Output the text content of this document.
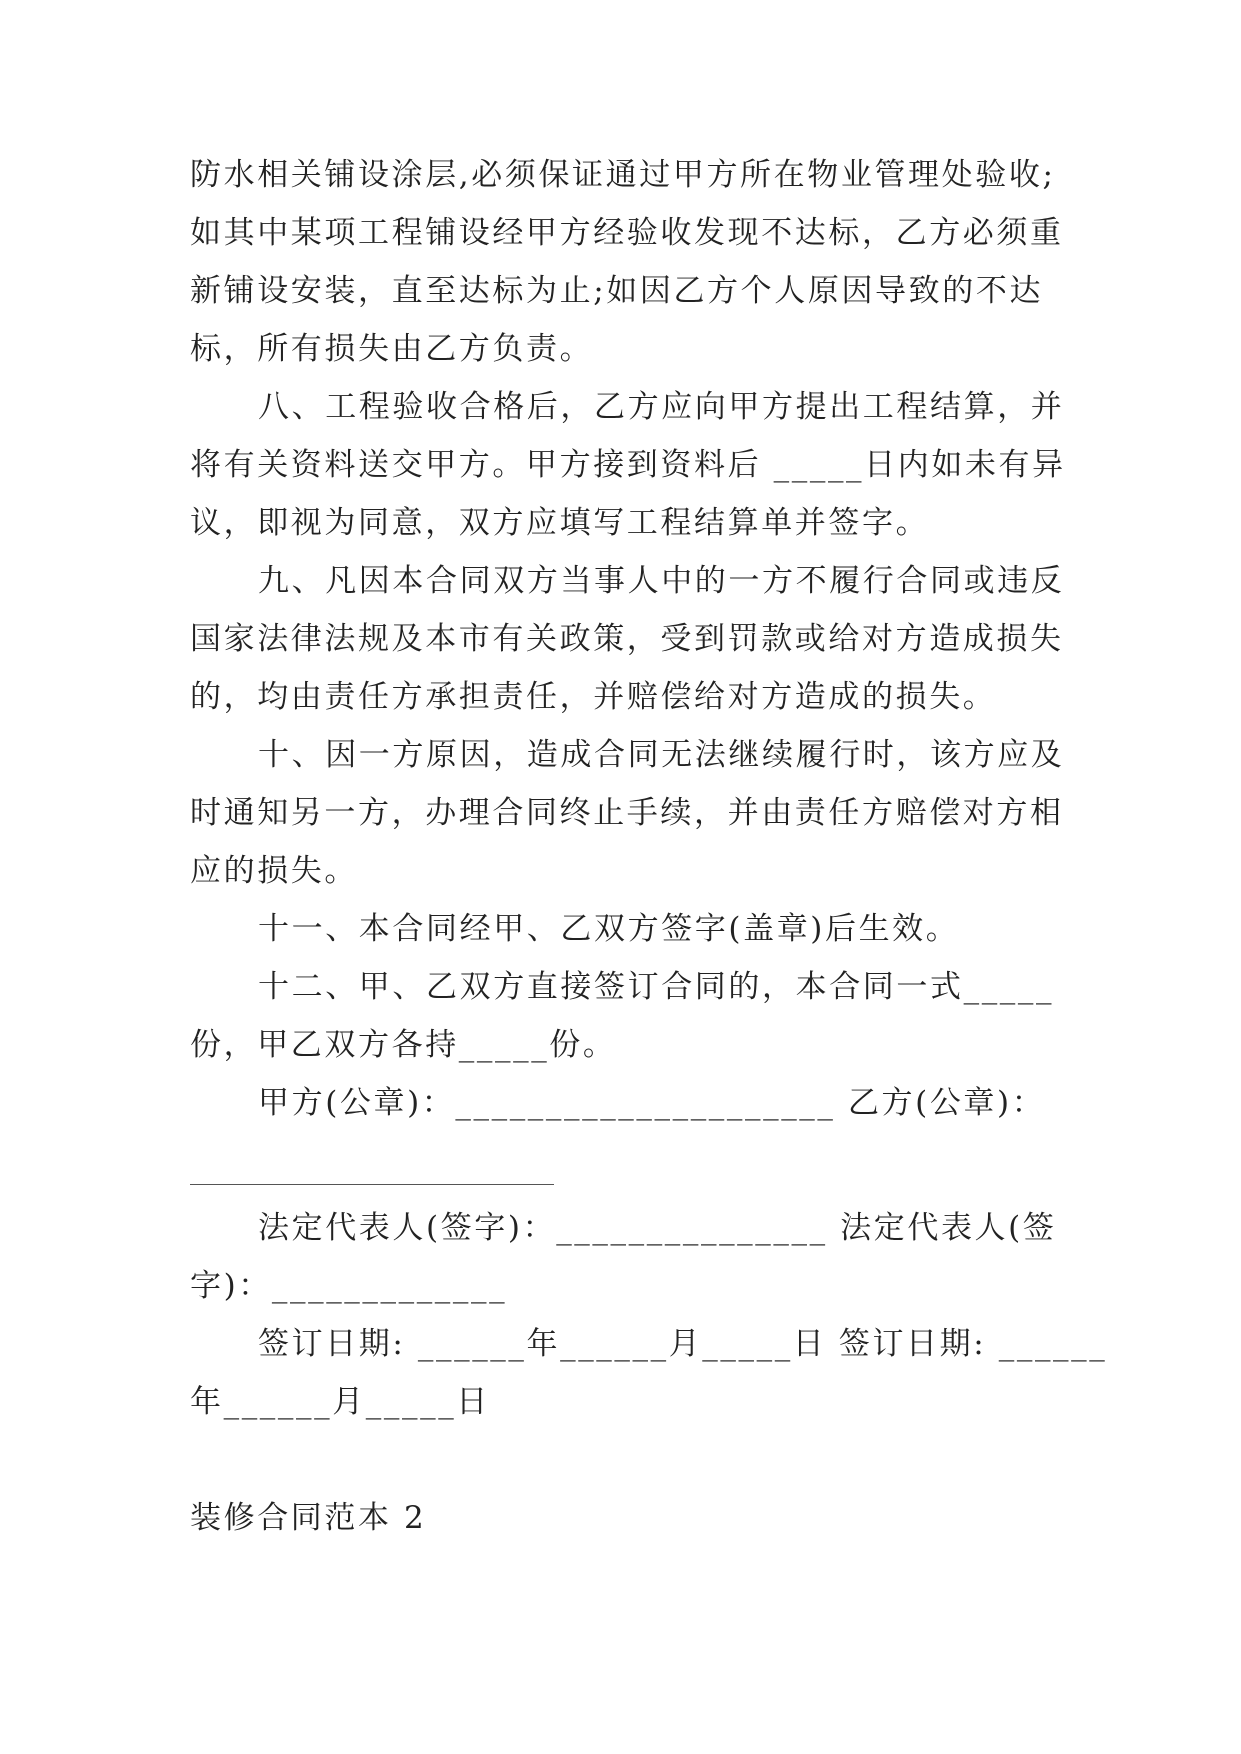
防水相关铺设涂层,必须保证通过甲方所在物业管理处验收;
如其中某项工程铺设经甲方经验收发现不达标，乙方必须重
新铺设安装，直至达标为止;如因乙方个人原因导致的不达
标，所有损失由乙方负责。
八、工程验收合格后，乙方应向甲方提出工程结算，并
将有关资料送交甲方。甲方接到资料后 _____日内如未有异
议，即视为同意，双方应填写工程结算单并签字。
九、凡因本合同双方当事人中的一方不履行合同或违反
国家法律法规及本市有关政策，受到罚款或给对方造成损失
的，均由责任方承担责任，并赔偿给对方造成的损失。
十、因一方原因，造成合同无法继续履行时，该方应及
时通知另一方，办理合同终止手续，并由责任方赔偿对方相
应的损失。
十一、本合同经甲、乙双方签字(盖章)后生效。
十二、甲、乙双方直接签订合同的，本合同一式_____
份，甲乙双方各持_____份。
甲方(公章)：_____________________ 乙方(公章)：
法定代表人(签字)：_______________ 法定代表人(签
字)：_____________
签订日期: ______年______月_____日 签订日期: ______
年______月_____日
装修合同范本 2
